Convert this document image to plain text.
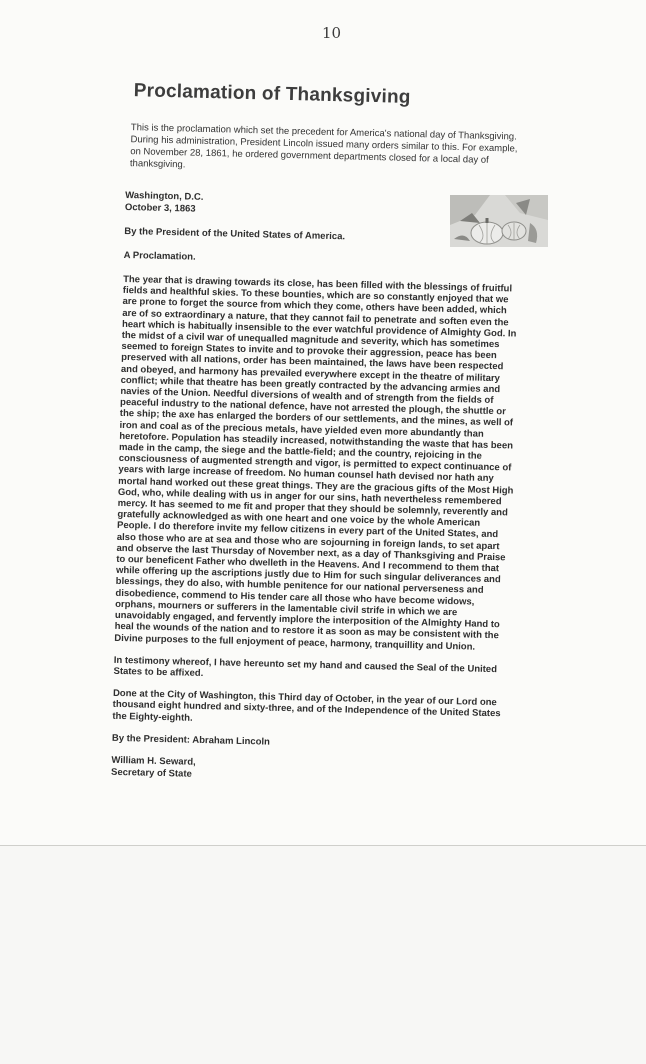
10
Proclamation of Thanksgiving

This is the proclamation which set the precedent for America's national day of Thanksgiving. During his administration, President Lincoln issued many orders similar to this. For example, on November 28, 1861, he ordered government departments closed for a local day of thanksgiving.

Washington, D.C.

October 3, 1863

By the President of the United States of America.

A Proclamation.

The year that is drawing towards its close, has been filled with the blessings of fruitful fields and healthful skies. To these bounties, which are so constantly enjoyed that we are prone to forget the source from which they come, others have been added, which are of so extraordinary a nature, that they cannot fail to penetrate and soften even the heart which is habitually insensible to the ever watchful providence of Almighty God. In the midst of a civil war of unequalled magnitude and severity, which has sometimes seemed to foreign States to invite and to provoke their aggression, peace has been preserved with all nations, order has been maintained, the laws have been respected and obeyed, and harmony has prevailed everywhere except in the theatre of military conflict; while that theatre has been greatly contracted by the advancing armies and navies of the Union. Needful diversions of wealth and of strength from the fields of peaceful industry to the national defence, have not arrested the plough, the shuttle or the ship; the axe has enlarged the borders of our settlements, and the mines, as well of iron and coal as of the precious metals, have yielded even more abundantly than heretofore. Population has steadily increased, notwithstanding the waste that has been made in the camp, the siege and the battle-field; and the country, rejoicing in the consciousness of augmented strength and vigor, is permitted to expect continuance of years with large increase of freedom. No human counsel hath devised nor hath any mortal hand worked out these great things. They are the gracious gifts of the Most High God, who, while dealing with us in anger for our sins, hath nevertheless remembered mercy. It has seemed to me fit and proper that they should be solemnly, reverently and gratefully acknowledged as with one heart and one voice by the whole American People. I do therefore invite my fellow citizens in every part of the United States, and also those who are at sea and those who are sojourning in foreign lands, to set apart and observe the last Thursday of November next, as a day of Thanksgiving and Praise to our beneficent Father who dwelleth in the Heavens. And I recommend to them that while offering up the ascriptions justly due to Him for such singular deliverances and blessings, they do also, with humble penitence for our national perverseness and disobedience, commend to His tender care all those who have become widows, orphans, mourners or sufferers in the lamentable civil strife in which we are unavoidably engaged, and fervently implore the interposition of the Almighty Hand to heal the wounds of the nation and to restore it as soon as may be consistent with the Divine purposes to the full enjoyment of peace, harmony, tranquillity and Union.

In testimony whereof, I have hereunto set my hand and caused the Seal of the United States to be affixed.

Done at the City of Washington, this Third day of October, in the year of our Lord one thousand eight hundred and sixty-three, and of the Independence of the United States the Eighty-eighth.

By the President: Abraham Lincoln

William H. Seward,

Secretary of State
